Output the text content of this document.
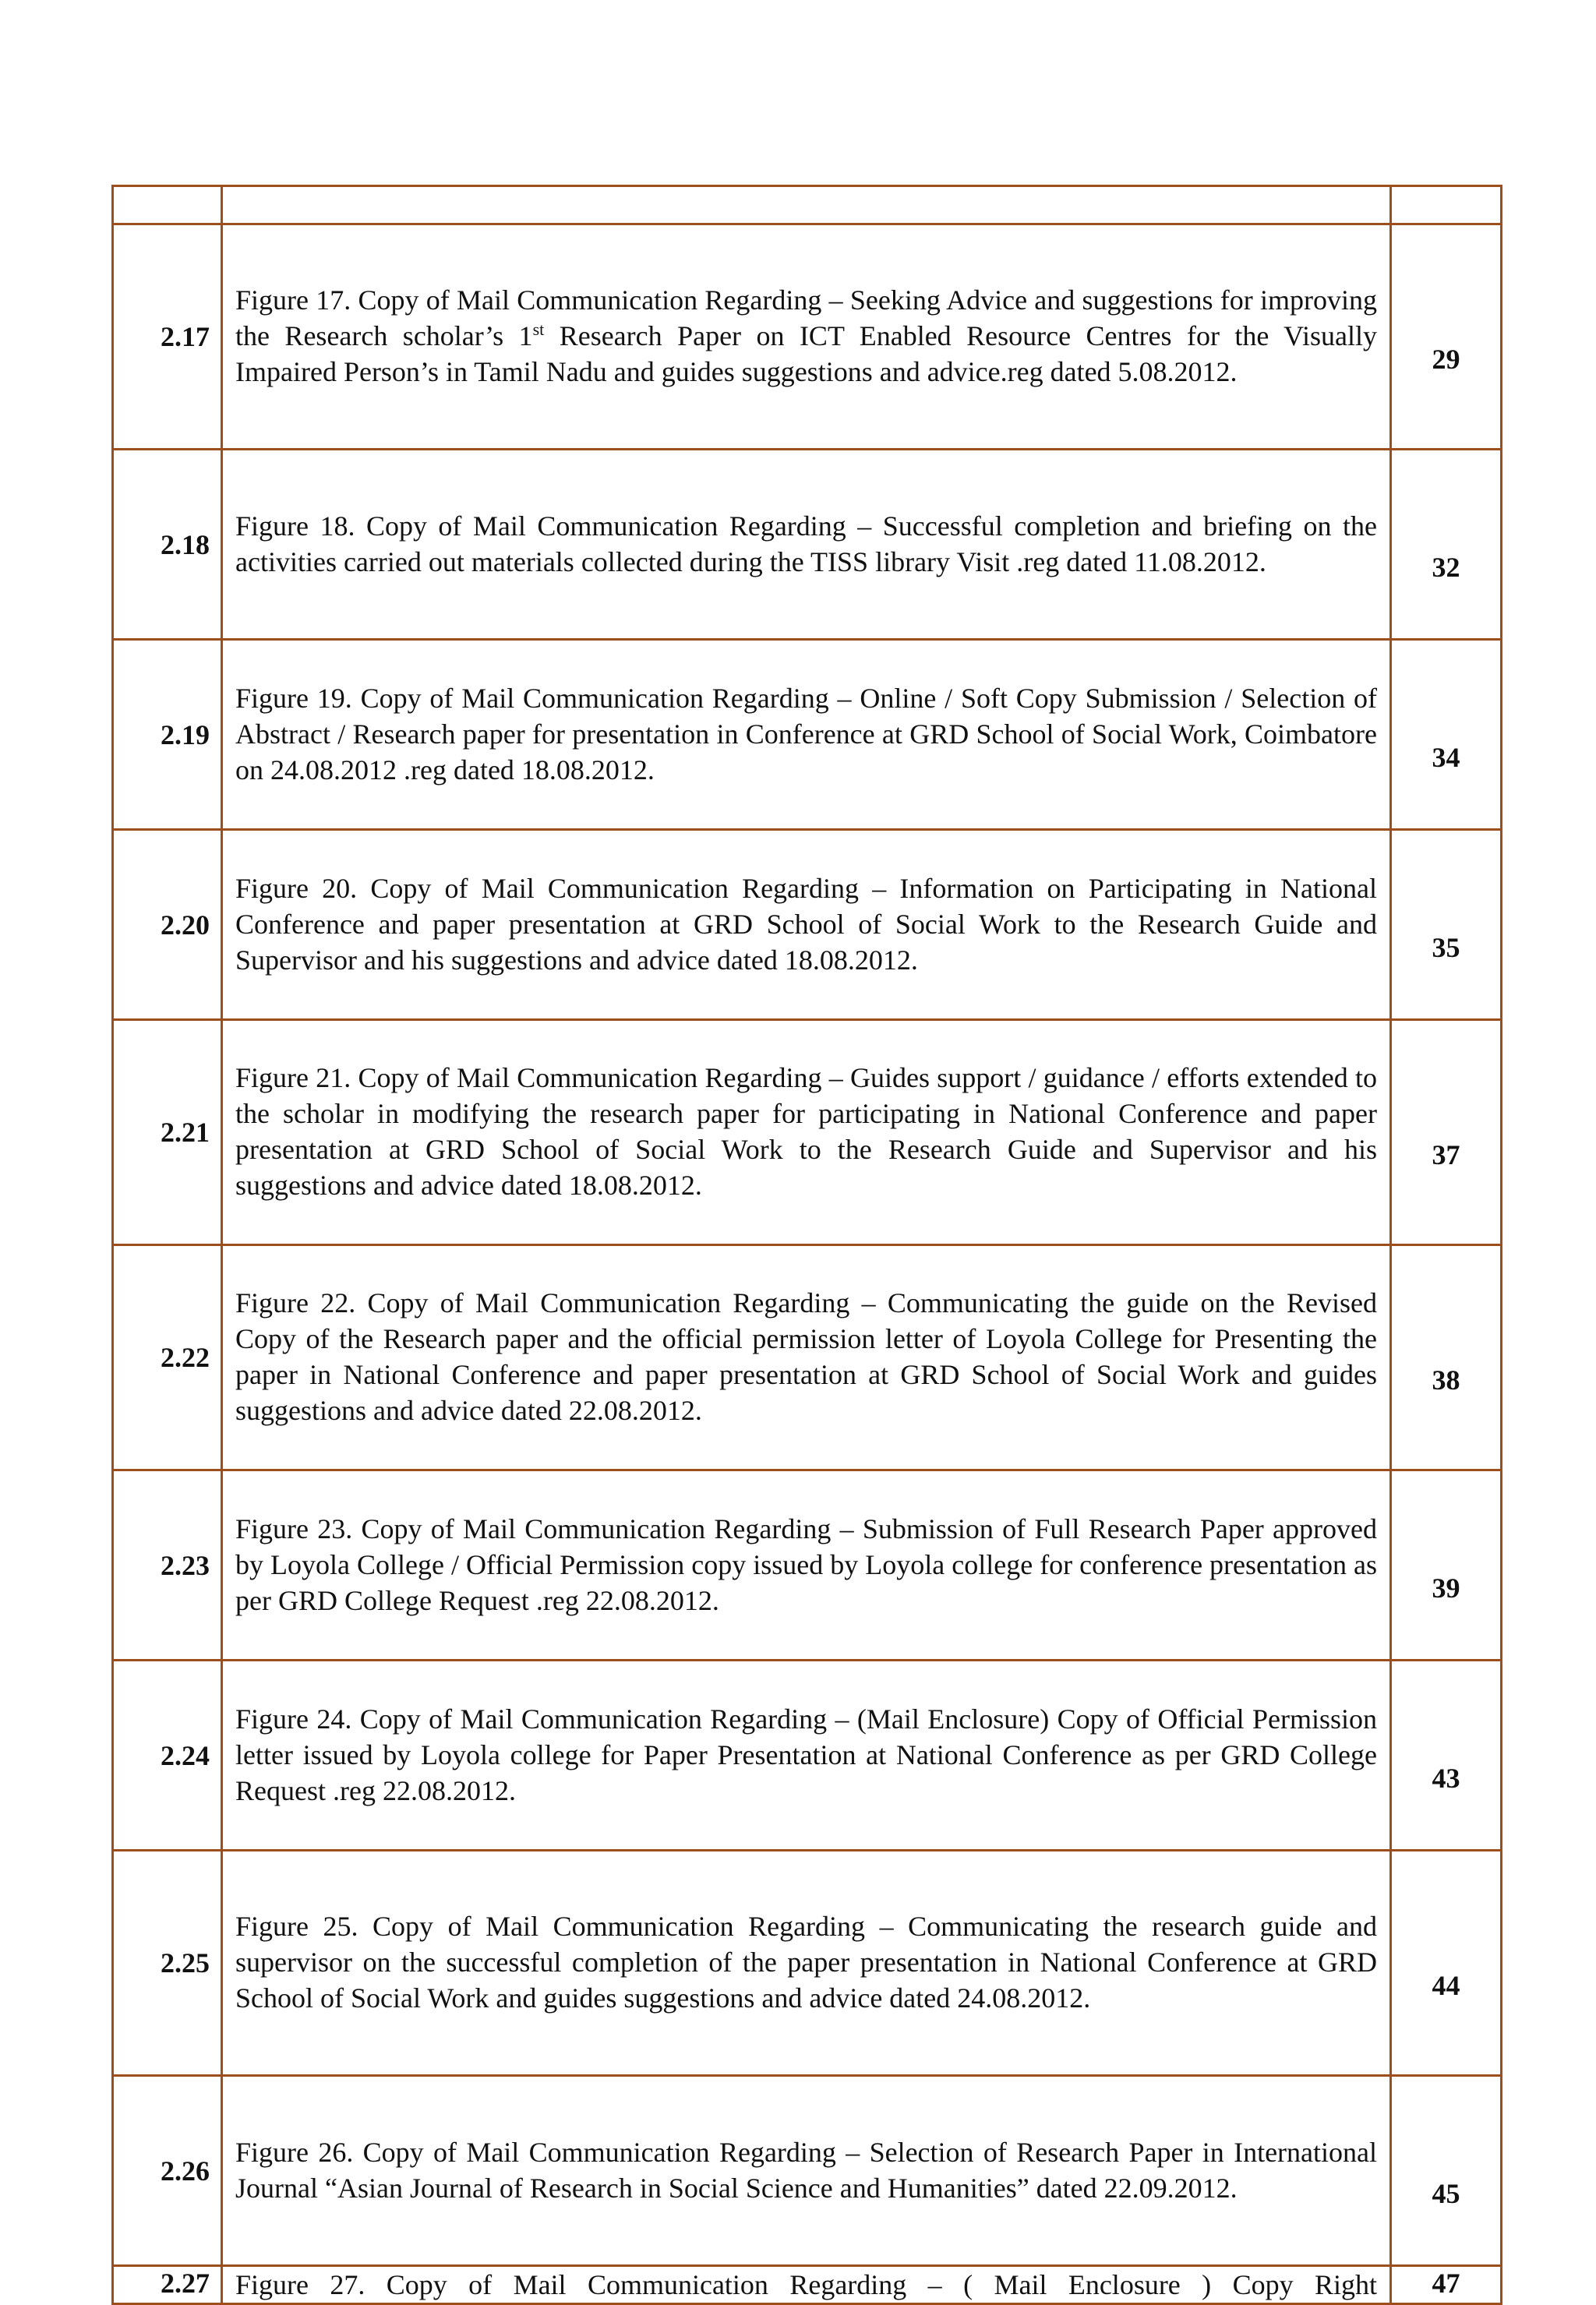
2.17	Figure 17. Copy of Mail Communication Regarding – Seeking Advice and suggestions for improving the Research scholar’s 1st Research Paper on ICT Enabled Resource Centres for the Visually Impaired Person’s in Tamil Nadu and guides suggestions and advice.reg dated 5.08.2012.	29
2.18	Figure 18. Copy of Mail Communication Regarding – Successful completion and briefing on the activities carried out materials collected during the TISS library Visit .reg dated 11.08.2012.	32
2.19	Figure 19. Copy of Mail Communication Regarding – Online / Soft Copy Submission / Selection of Abstract / Research paper for presentation in Conference at GRD School of Social Work, Coimbatore on 24.08.2012 .reg dated 18.08.2012.	34
2.20	Figure 20. Copy of Mail Communication Regarding – Information on Participating in National Conference and paper presentation at GRD School of Social Work to the Research Guide and Supervisor and his suggestions and advice dated 18.08.2012.	35
2.21	Figure 21. Copy of Mail Communication Regarding – Guides support / guidance / efforts extended to the scholar in modifying the research paper for participating in National Conference and paper presentation at GRD School of Social Work to the Research Guide and Supervisor and his suggestions and advice dated 18.08.2012.	37
2.22	Figure 22. Copy of Mail Communication Regarding – Communicating the guide on the Revised Copy of the Research paper and the official permission letter of Loyola College for Presenting the paper in National Conference and paper presentation at GRD School of Social Work and guides suggestions and advice dated 22.08.2012.	38
2.23	Figure 23. Copy of Mail Communication Regarding – Submission of Full Research Paper approved by Loyola College / Official Permission copy issued by Loyola college for conference presentation as per GRD College Request .reg 22.08.2012.	39
2.24	Figure 24. Copy of Mail Communication Regarding – (Mail Enclosure) Copy of Official Permission letter issued by Loyola college for Paper Presentation at National Conference as per GRD College Request .reg 22.08.2012.	43
2.25	Figure 25. Copy of Mail Communication Regarding – Communicating the research guide and supervisor on the successful completion of the paper presentation in National Conference at GRD School of Social Work and guides suggestions and advice dated 24.08.2012.	44
2.26	Figure 26. Copy of Mail Communication Regarding – Selection of Research Paper in International Journal “Asian Journal of Research in Social Science and Humanities” dated 22.09.2012.	45
2.27	Figure 27. Copy of Mail Communication Regarding – ( Mail Enclosure ) Copy Right	47
